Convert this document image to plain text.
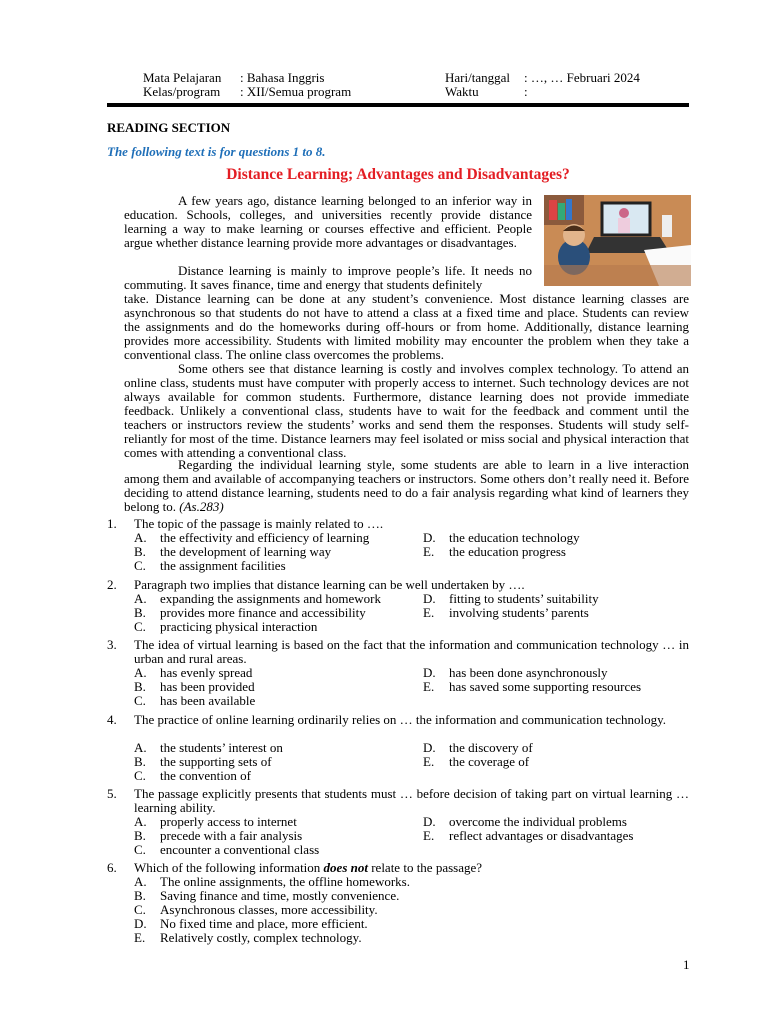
Mata Pelajaran : Bahasa Inggris
Kelas/program : XII/Semua program
Hari/tanggal : …, … Februari 2024
Waktu	:
READING SECTION
The following text is for questions 1 to 8.
Distance Learning; Advantages and Disadvantages?

A few years ago, distance learning belonged to an inferior way in education. Schools, colleges, and universities recently provide distance learning a way to make learning or courses effective and efficient. People argue whether distance learning provide more advantages or disadvantages.

Distance learning is mainly to improve people’s life. It needs no commuting. It saves finance, time and energy that students definitely

take. Distance learning can be done at any student’s convenience. Most distance learning classes are asynchronous so that students do not have to attend a class at a fixed time and place. Students can review the assignments and do the homeworks during off-hours or from home. Additionally, distance learning provides more accessibility. Students with limited mobility may encounter the problem when they take a conventional class. The online class overcomes the problems.

Some others see that distance learning is costly and involves complex technology. To attend an online class, students must have computer with properly access to internet. Such technology devices are not always available for common students. Furthermore, distance learning does not provide immediate feedback. Unlikely a conventional class, students have to wait for the feedback and comment until the teachers or instructors review the students’ works and send them the responses. Students will study self-reliantly for most of the time. Distance learners may feel isolated or miss social and physical interaction that comes with attending a conventional class.

Regarding the individual learning style, some students are able to learn in a live interaction among them and available of accompanying teachers or instructors. Some others don’t really need it. Before deciding to attend distance learning, students need to do a fair analysis regarding what kind of learners they belong to. (As.283)

1. The topic of the passage is mainly related to ….
A. the effectivity and efficiency of learning
B. the development of learning way
C. the assignment facilities
D. the education technology
E. the education progress
2. Paragraph two implies that distance learning can be well undertaken by ….
A. expanding the assignments and homework
B. provides more finance and accessibility
C. practicing physical interaction
D. fitting to students’ suitability
E. involving students’ parents
3. The idea of virtual learning is based on the fact that the information and communication technology … in urban and rural areas.
A. has evenly spread
B. has been provided
C. has been available
D. has been done asynchronously
E. has saved some supporting resources
4. The practice of online learning ordinarily relies on … the information and communication technology.
A. the students’ interest on
B. the supporting sets of
C. the convention of
D. the discovery of
E. the coverage of
5. The passage explicitly presents that students must … before decision of taking part on virtual learning … learning ability.
A. properly access to internet
B. precede with a fair analysis
C. encounter a conventional class
D. overcome the individual problems
E. reflect advantages or disadvantages
6. Which of the following information does not relate to the passage?
A. The online assignments, the offline homeworks.
B. Saving finance and time, mostly convenience.
C. Asynchronous classes, more accessibility.
D. No fixed time and place, more efficient.
E. Relatively costly, complex technology.
1
